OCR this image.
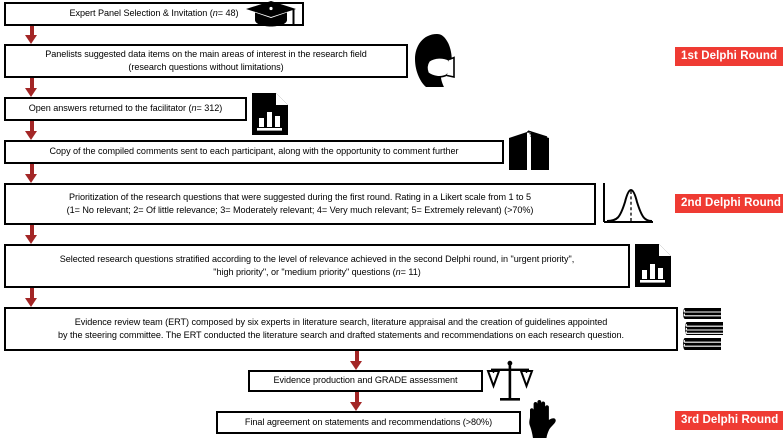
Expert Panel Selection & Invitation (n= 48)
Panelists suggested data items on the main areas of interest in the research field
(research questions without limitations)
Open answers returned to the facilitator (n= 312)
Copy of the compiled comments sent to each participant, along with the opportunity to comment further
Prioritization of the research questions that were suggested during the first round. Rating in a Likert scale from 1 to 5
(1= No relevant; 2= Of little relevance; 3= Moderately relevant; 4= Very much relevant; 5= Extremely relevant) (>70%)
Selected research questions stratified according to the level of relevance achieved in the second Delphi round, in "urgent priority",
"high priority", or "medium priority" questions (n= 11)
Evidence review team (ERT) composed by six experts in literature search, literature appraisal and the creation of guidelines appointed
by the steering committee. The ERT conducted the literature search and drafted statements and recommendations on each research question.
Evidence production and GRADE assessment
Final agreement on statements and recommendations (>80%)
1st Delphi Round
2nd Delphi Round
3rd Delphi Round
